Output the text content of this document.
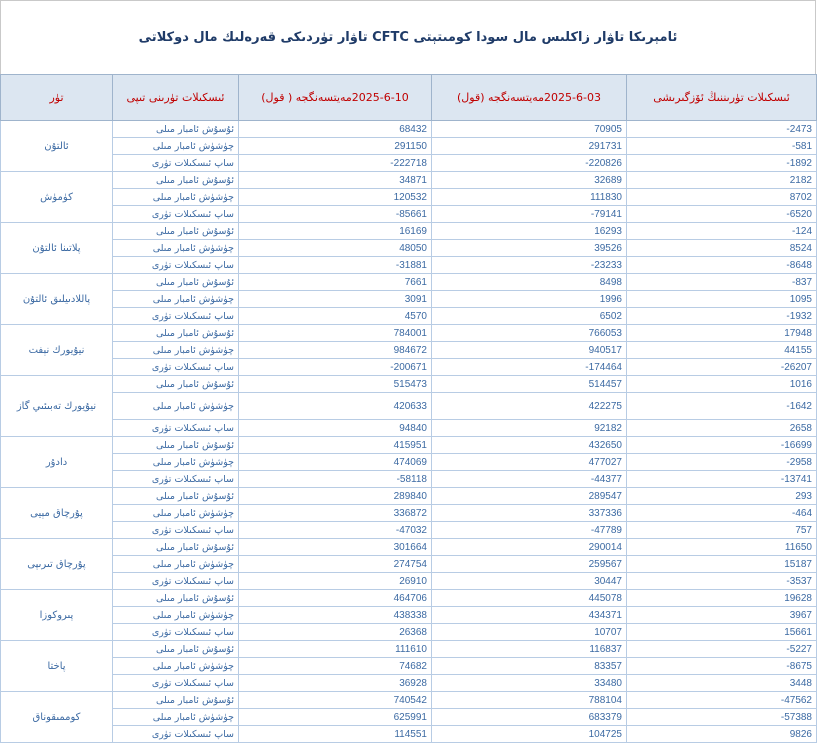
ئامېرىكا تاۋار زاكلىس مال سودا كومىتېتى CFTC تاۋار تۈردىكى قەرەلىك مال دوكلاتى
تۈر	ئىسكىلات تۈرىنى تىپى	2025-6-10مەيتسەنگجە ( قول)	2025-6-03مەيتسەنگجە (قول)	ئىسكىلات تۈرىننىڭ ئۆزگىرىشى
ئالتۇن	ئۇسۇش ئامبار مىلى	68432	70905	-2473
	چۈشۈش ئامبار مىلى	291150	291731	-581
	ساپ ئىسكىلات تۈرى	-222718	-220826	-1892
كۈمۈش	ئۇسۇش ئامبار مىلى	34871	32689	2182
	چۈشۈش ئامبار مىلى	120532	111830	8702
	ساپ ئىسكىلات تۈرى	-85661	-79141	-6520
پلاتىنا ئالتۇن	ئۇسۇش ئامبار مىلى	16169	16293	-124
	چۈشۈش ئامبار مىلى	48050	39526	8524
	ساپ ئىسكىلات تۈرى	-31881	-23233	-8648
پاللادىيلىق ئالتۇن	ئۇسۇش ئامبار مىلى	7661	8498	-837
	چۈشۈش ئامبار مىلى	3091	1996	1095
	ساپ ئىسكىلات تۈرى	4570	6502	-1932
نيۇيورك نېفت	ئۇسۇش ئامبار مىلى	784001	766053	17948
	چۈشۈش ئامبار مىلى	984672	940517	44155
	ساپ ئىسكىلات تۈرى	-200671	-174464	-26207
نيۇيورك تەبىئىي گاز	ئۇسۇش ئامبار مىلى	515473	514457	1016
	چۈشۈش ئامبار مىلى	420633	422275	-1642
	ساپ ئىسكىلات تۈرى	94840	92182	2658
دادۇر	ئۇسۇش ئامبار مىلى	415951	432650	-16699
	چۈشۈش ئامبار مىلى	474069	477027	-2958
	ساپ ئىسكىلات تۈرى	-58118	-44377	-13741
پۇرچاق مېيى	ئۇسۇش ئامبار مىلى	289840	289547	293
	چۈشۈش ئامبار مىلى	336872	337336	-464
	ساپ ئىسكىلات تۈرى	-47032	-47789	757
پۇرچاق تىرىپى	ئۇسۇش ئامبار مىلى	301664	290014	11650
	چۈشۈش ئامبار مىلى	274754	259567	15187
	ساپ ئىسكىلات تۈرى	26910	30447	-3537
پىروكوزا	ئۇسۇش ئامبار مىلى	464706	445078	19628
	چۈشۈش ئامبار مىلى	438338	434371	3967
	ساپ ئىسكىلات تۈرى	26368	10707	15661
پاختا	ئۇسۇش ئامبار مىلى	111610	116837	-5227
	چۈشۈش ئامبار مىلى	74682	83357	-8675
	ساپ ئىسكىلات تۈرى	36928	33480	3448
كوممىقوناق	ئۇسۇش ئامبار مىلى	740542	788104	-47562
	چۈشۈش ئامبار مىلى	625991	683379	-57388
	ساپ ئىسكىلات تۈرى	114551	104725	9826
